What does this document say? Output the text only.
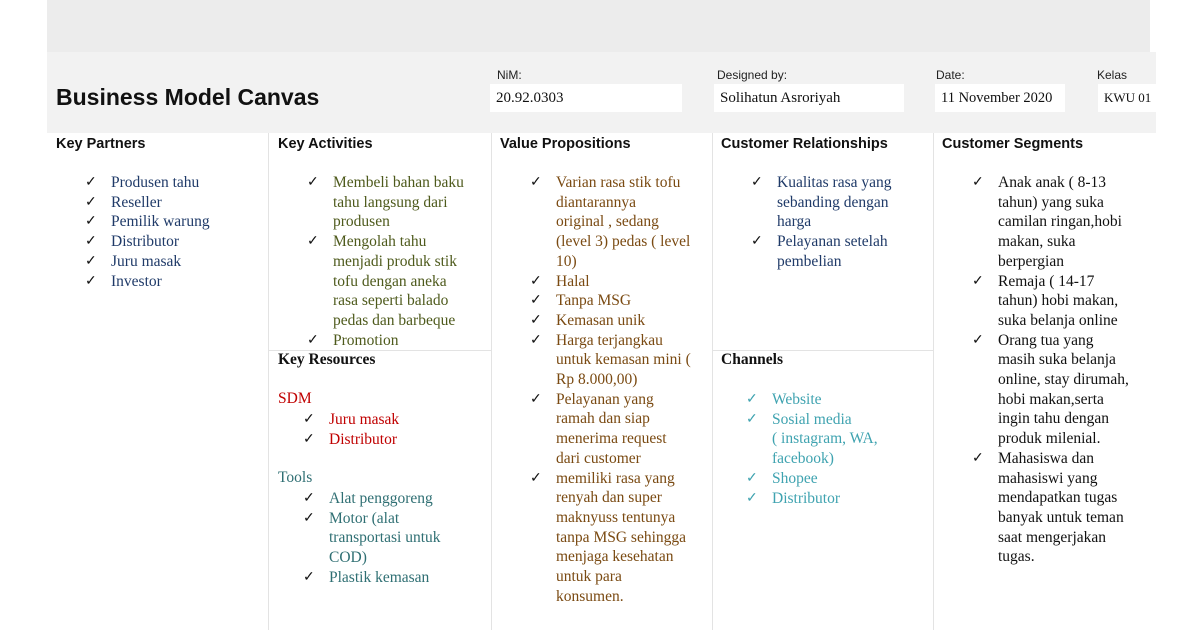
Business Model Canvas
NiM:
20.92.0303
Designed by:
Solihatun Asroriyah
Date:
11 November 2020
Kelas
KWU 01
Key Partners	Key Activities	Value Propositions	Customer Relationships	Customer Segments
Key Resources	Channels
✓ Produsen tahu
✓ Reseller
✓ Pemilik warung
✓ Distributor
✓ Juru masak
✓ Investor
✓ Membeli bahan baku
tahu langsung dari
produsen
✓ Mengolah tahu
menjadi produk stik
tofu dengan aneka
rasa seperti balado
pedas dan barbeque
✓ Promotion
SDM
✓ Juru masak
✓ Distributor
Tools
✓ Alat penggoreng
✓ Motor (alat
transportasi untuk
COD)
✓ Plastik kemasan
✓ Varian rasa stik tofu
diantarannya
original , sedang
(level 3) pedas ( level
10)
✓ Halal
✓ Tanpa MSG
✓ Kemasan unik
✓ Harga terjangkau
untuk kemasan mini (
Rp 8.000,00)
✓ Pelayanan yang
ramah dan siap
menerima request
dari customer
✓ memiliki rasa yang
renyah dan super
maknyuss tentunya
tanpa MSG sehingga
menjaga kesehatan
untuk para
konsumen.
✓ Kualitas rasa yang
sebanding dengan
harga
✓ Pelayanan setelah
pembelian
✓ Website
✓ Sosial media
( instagram, WA,
facebook)
✓ Shopee
✓ Distributor
✓ Anak anak ( 8-13
tahun) yang suka
camilan ringan,hobi
makan, suka
berpergian
✓ Remaja ( 14-17
tahun) hobi makan,
suka belanja online
✓ Orang tua yang
masih suka belanja
online, stay dirumah,
hobi makan,serta
ingin tahu dengan
produk milenial.
✓ Mahasiswa dan
mahasiswi yang
mendapatkan tugas
banyak untuk teman
saat mengerjakan
tugas.
